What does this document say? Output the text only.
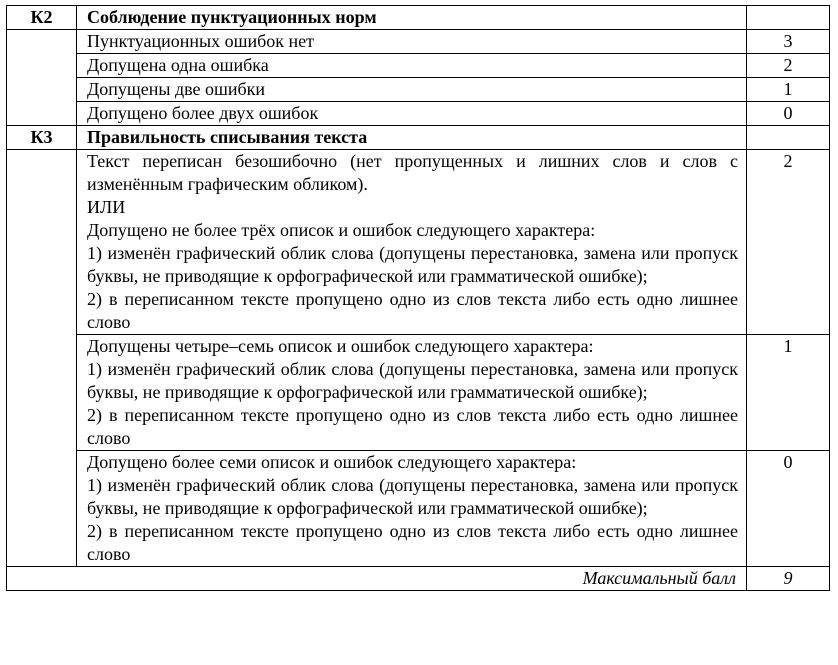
К2	Соблюдение пунктуационных норм	
	Пунктуационных ошибок нет	3
	Допущена одна ошибка	2
	Допущены две ошибки	1
	Допущено более двух ошибок	0
К3	Правильность списывания текста	

	Текст переписан безошибочно (нет пропущенных и лишних слов и слов с изменённым графическим обликом).

ИЛИ

Допущено не более трёх описок и ошибок следующего характера:

1) изменён графический облик слова (допущены перестановка, замена или пропуск буквы, не приводящие к орфографической или грамматической ошибке);

2) в переписанном тексте пропущено одно из слов текста либо есть одно лишнее слово	2

	Допущены четыре–семь описок и ошибок следующего характера:

1) изменён графический облик слова (допущены перестановка, замена или пропуск буквы, не приводящие к орфографической или грамматической ошибке);

2) в переписанном тексте пропущено одно из слов текста либо есть одно лишнее слово	1

	Допущено более семи описок и ошибок следующего характера:

1) изменён графический облик слова (допущены перестановка, замена или пропуск буквы, не приводящие к орфографической или грамматической ошибке);

2) в переписанном тексте пропущено одно из слов текста либо есть одно лишнее слово	0
Максимальный балл		9
